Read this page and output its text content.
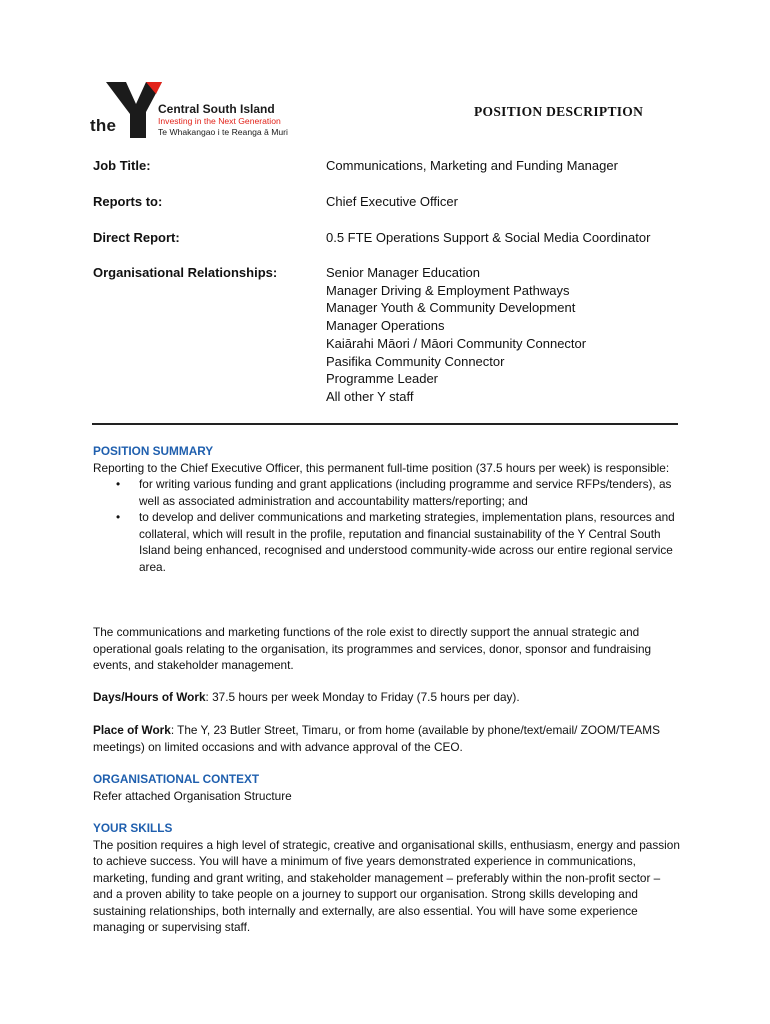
the
Central South Island
Investing in the Next Generation
Te Whakangao i te Reanga ā Muri
POSITION DESCRIPTION
Job Title:	Communications, Marketing and Funding Manager
Reports to:	Chief Executive Officer
Direct Report:	0.5 FTE Operations Support & Social Media Coordinator
Organisational Relationships:	Senior Manager Education
Manager Driving & Employment Pathways
Manager Youth & Community Development
Manager Operations
Kaiārahi Māori / Māori Community Connector
Pasifika Community Connector
Programme Leader
All other Y staff
POSITION SUMMARY

Reporting to the Chief Executive Officer, this permanent full-time position (37.5 hours per week) is responsible:

• for writing various funding and grant applications (including programme and service RFPs/tenders), as well as associated administration and accountability matters/reporting; and
• to develop and deliver communications and marketing strategies, implementation plans, resources and collateral, which will result in the profile, reputation and financial sustainability of the Y Central South Island being enhanced, recognised and understood community-wide across our entire regional service area.

The communications and marketing functions of the role exist to directly support the annual strategic and operational goals relating to the organisation, its programmes and services, donor, sponsor and fundraising events, and stakeholder management.

Days/Hours of Work: 37.5 hours per week Monday to Friday (7.5 hours per day).

Place of Work: The Y, 23 Butler Street, Timaru, or from home (available by phone/text/email/ ZOOM/TEAMS meetings) on limited occasions and with advance approval of the CEO.

ORGANISATIONAL CONTEXT

Refer attached Organisation Structure

YOUR SKILLS

The position requires a high level of strategic, creative and organisational skills, enthusiasm, energy and passion to achieve success. You will have a minimum of five years demonstrated experience in communications, marketing, funding and grant writing, and stakeholder management – preferably within the non-profit sector – and a proven ability to take people on a journey to support our organisation. Strong skills developing and sustaining relationships, both internally and externally, are also essential. You will have some experience managing or supervising staff.
